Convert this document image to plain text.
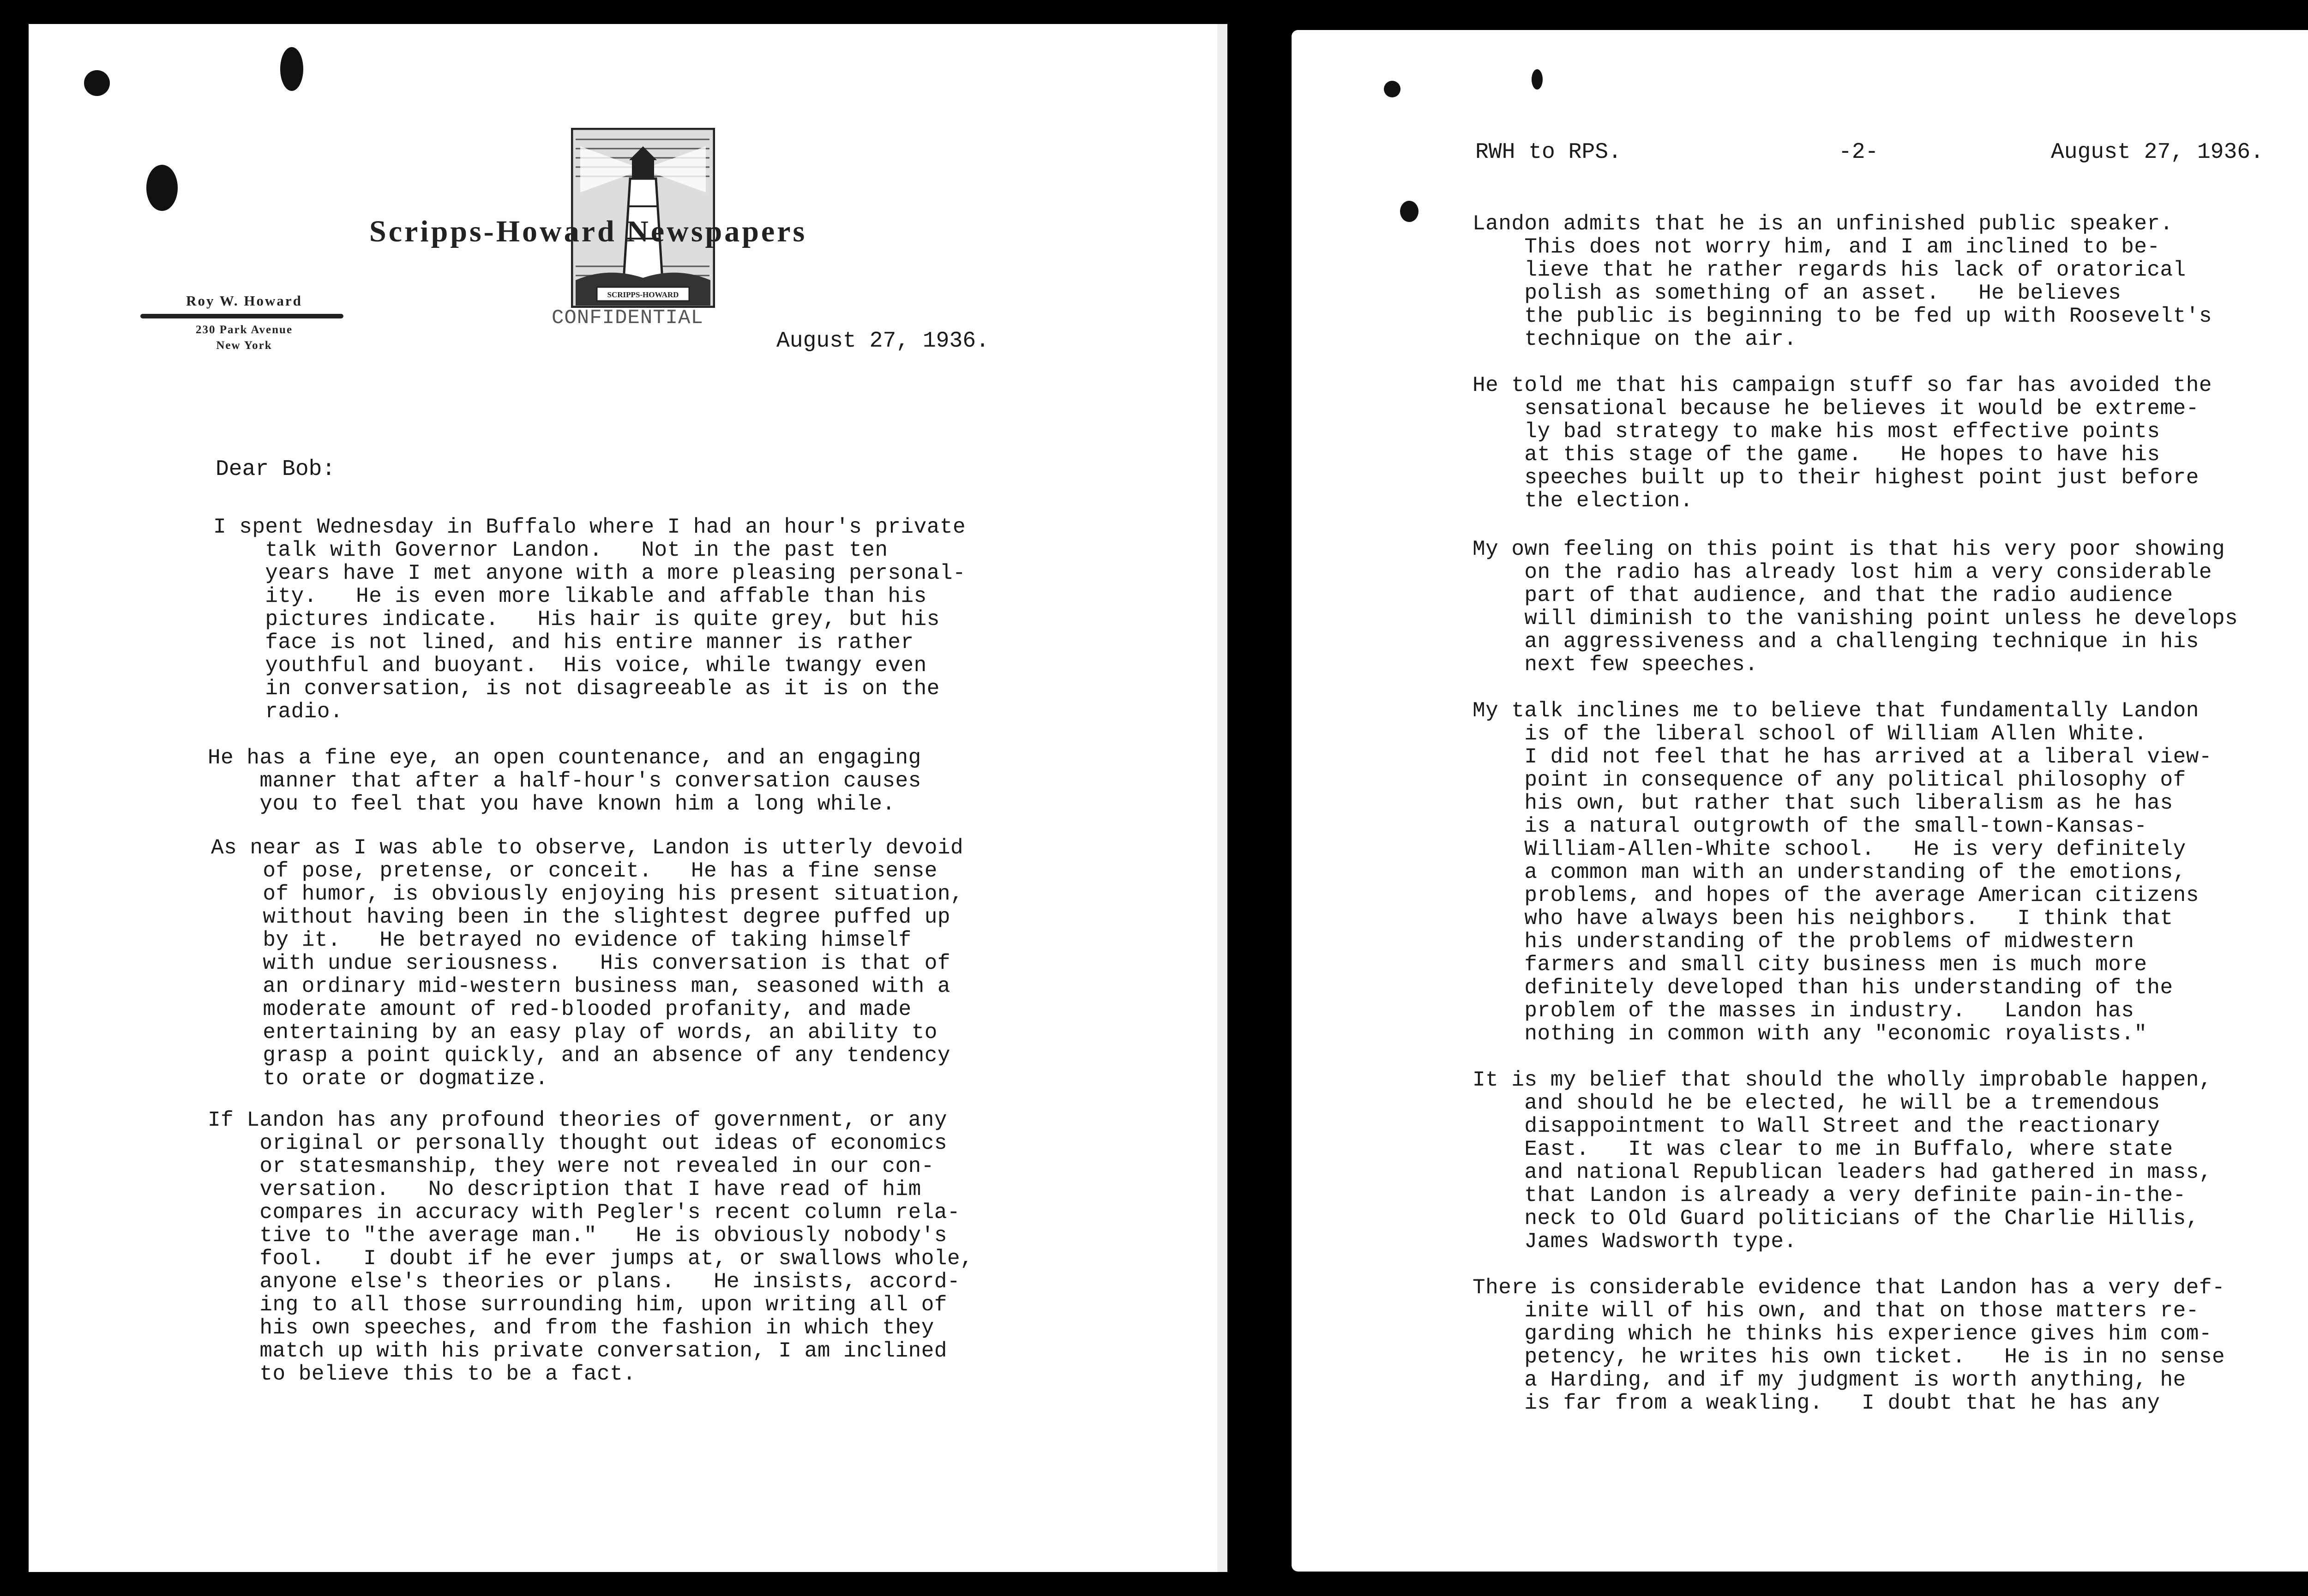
SCRIPPS-HOWARD
Scripps-Howard Newspapers
Roy W. Howard
230 Park Avenue
New York
CONFIDENTIAL
August 27, 1936.
Dear Bob:
I spent Wednesday in Buffalo where I had an hour's private
talk with Governor Landon.   Not in the past ten
years have I met anyone with a more pleasing personal-
ity.   He is even more likable and affable than his
pictures indicate.   His hair is quite grey, but his
face is not lined, and his entire manner is rather
youthful and buoyant.  His voice, while twangy even
in conversation, is not disagreeable as it is on the
radio.
He has a fine eye, an open countenance, and an engaging
manner that after a half-hour's conversation causes
you to feel that you have known him a long while.
As near as I was able to observe, Landon is utterly devoid
of pose, pretense, or conceit.   He has a fine sense
of humor, is obviously enjoying his present situation,
without having been in the slightest degree puffed up
by it.   He betrayed no evidence of taking himself
with undue seriousness.   His conversation is that of
an ordinary mid-western business man, seasoned with a
moderate amount of red-blooded profanity, and made
entertaining by an easy play of words, an ability to
grasp a point quickly, and an absence of any tendency
to orate or dogmatize.
If Landon has any profound theories of government, or any
original or personally thought out ideas of economics
or statesmanship, they were not revealed in our con-
versation.   No description that I have read of him
compares in accuracy with Pegler's recent column rela-
tive to "the average man."   He is obviously nobody's
fool.   I doubt if he ever jumps at, or swallows whole,
anyone else's theories or plans.   He insists, accord-
ing to all those surrounding him, upon writing all of
his own speeches, and from the fashion in which they
match up with his private conversation, I am inclined
to believe this to be a fact.
RWH to RPS.	-2-	August 27, 1936.
Landon admits that he is an unfinished public speaker.
This does not worry him, and I am inclined to be-
lieve that he rather regards his lack of oratorical
polish as something of an asset.   He believes
the public is beginning to be fed up with Roosevelt's
technique on the air.
He told me that his campaign stuff so far has avoided the
sensational because he believes it would be extreme-
ly bad strategy to make his most effective points
at this stage of the game.   He hopes to have his
speeches built up to their highest point just before
the election.
My own feeling on this point is that his very poor showing
on the radio has already lost him a very considerable
part of that audience, and that the radio audience
will diminish to the vanishing point unless he develops
an aggressiveness and a challenging technique in his
next few speeches.
My talk inclines me to believe that fundamentally Landon
is of the liberal school of William Allen White.
I did not feel that he has arrived at a liberal view-
point in consequence of any political philosophy of
his own, but rather that such liberalism as he has
is a natural outgrowth of the small-town-Kansas-
William-Allen-White school.   He is very definitely
a common man with an understanding of the emotions,
problems, and hopes of the average American citizens
who have always been his neighbors.   I think that
his understanding of the problems of midwestern
farmers and small city business men is much more
definitely developed than his understanding of the
problem of the masses in industry.   Landon has
nothing in common with any "economic royalists."
It is my belief that should the wholly improbable happen,
and should he be elected, he will be a tremendous
disappointment to Wall Street and the reactionary
East.   It was clear to me in Buffalo, where state
and national Republican leaders had gathered in mass,
that Landon is already a very definite pain-in-the-
neck to Old Guard politicians of the Charlie Hillis,
James Wadsworth type.
There is considerable evidence that Landon has a very def-
inite will of his own, and that on those matters re-
garding which he thinks his experience gives him com-
petency, he writes his own ticket.   He is in no sense
a Harding, and if my judgment is worth anything, he
is far from a weakling.   I doubt that he has any
